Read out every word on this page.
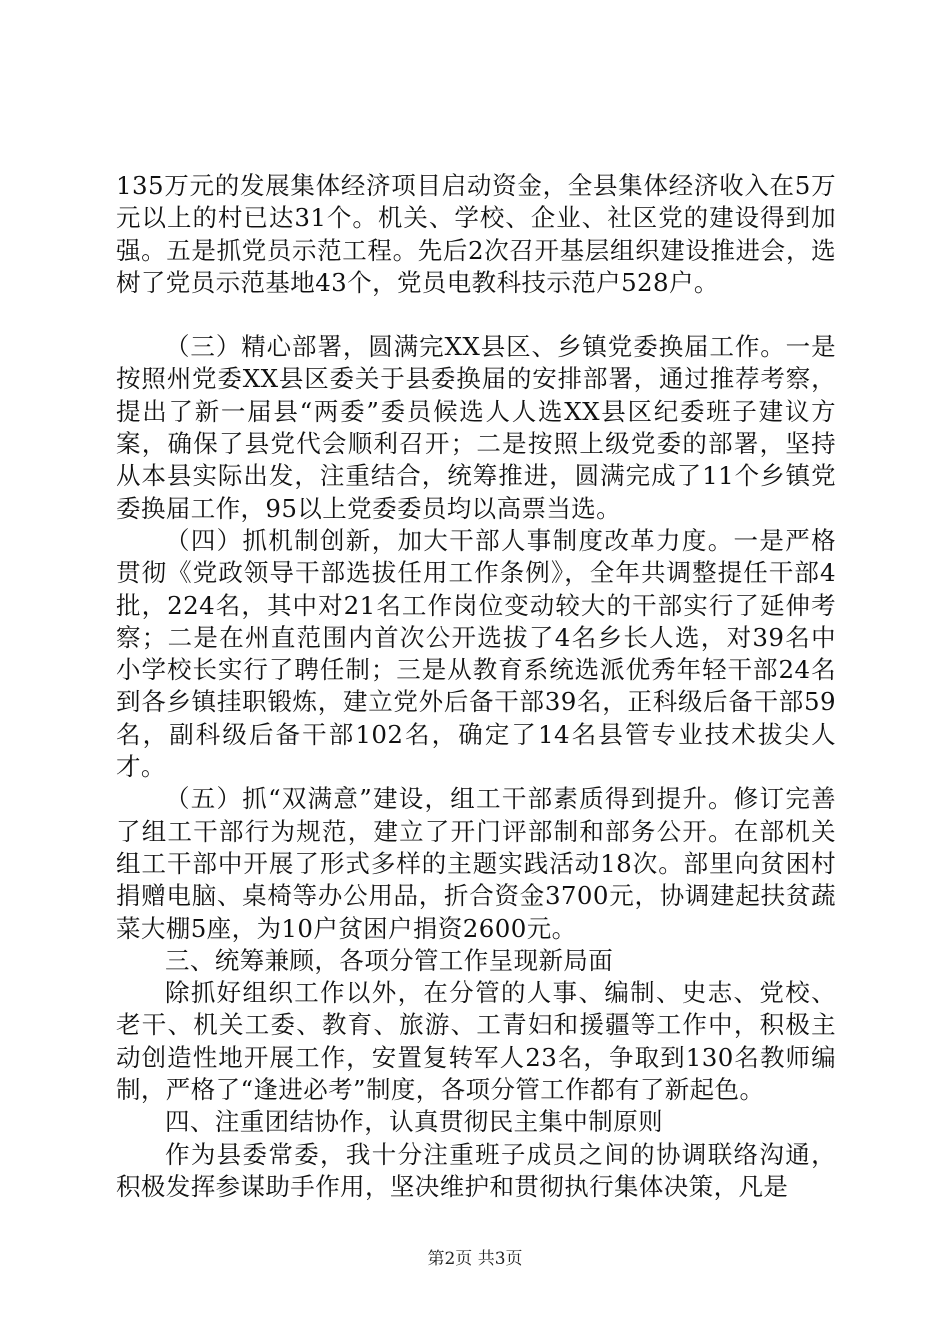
135万元的发展集体经济项目启动资金，全县集体经济收入在5万元以上的村已达31个。机关、学校、企业、社区党的建设得到加强。五是抓党员示范工程。先后2次召开基层组织建设推进会，选树了党员示范基地43个，党员电教科技示范户528户。

（三）精心部署，圆满完XX县区、乡镇党委换届工作。一是按照州党委XX县区委关于县委换届的安排部署，通过推荐考察，提出了新一届县“两委”委员候选人人选XX县区纪委班子建议方案，确保了县党代会顺利召开；二是按照上级党委的部署，坚持从本县实际出发，注重结合，统筹推进，圆满完成了11个乡镇党委换届工作，95以上党委委员均以高票当选。

（四）抓机制创新，加大干部人事制度改革力度。一是严格贯彻《党政领导干部选拔任用工作条例》，全年共调整提任干部4批，224名，其中对21名工作岗位变动较大的干部实行了延伸考察；二是在州直范围内首次公开选拔了4名乡长人选，对39名中小学校长实行了聘任制；三是从教育系统选派优秀年轻干部24名到各乡镇挂职锻炼，建立党外后备干部39名，正科级后备干部59名，副科级后备干部102名，确定了14名县管专业技术拔尖人才。

（五）抓“双满意”建设，组工干部素质得到提升。修订完善了组工干部行为规范，建立了开门评部制和部务公开。在部机关组工干部中开展了形式多样的主题实践活动18次。部里向贫困村捐赠电脑、桌椅等办公用品，折合资金3700元，协调建起扶贫蔬菜大棚5座，为10户贫困户捐资2600元。

三、统筹兼顾，各项分管工作呈现新局面

除抓好组织工作以外，在分管的人事、编制、史志、党校、老干、机关工委、教育、旅游、工青妇和援疆等工作中，积极主动创造性地开展工作，安置复转军人23名，争取到130名教师编制，严格了“逢进必考”制度，各项分管工作都有了新起色。

四、注重团结协作，认真贯彻民主集中制原则

作为县委常委，我十分注重班子成员之间的协调联络沟通，积极发挥参谋助手作用，坚决维护和贯彻执行集体决策，凡是

第2页 共3页
